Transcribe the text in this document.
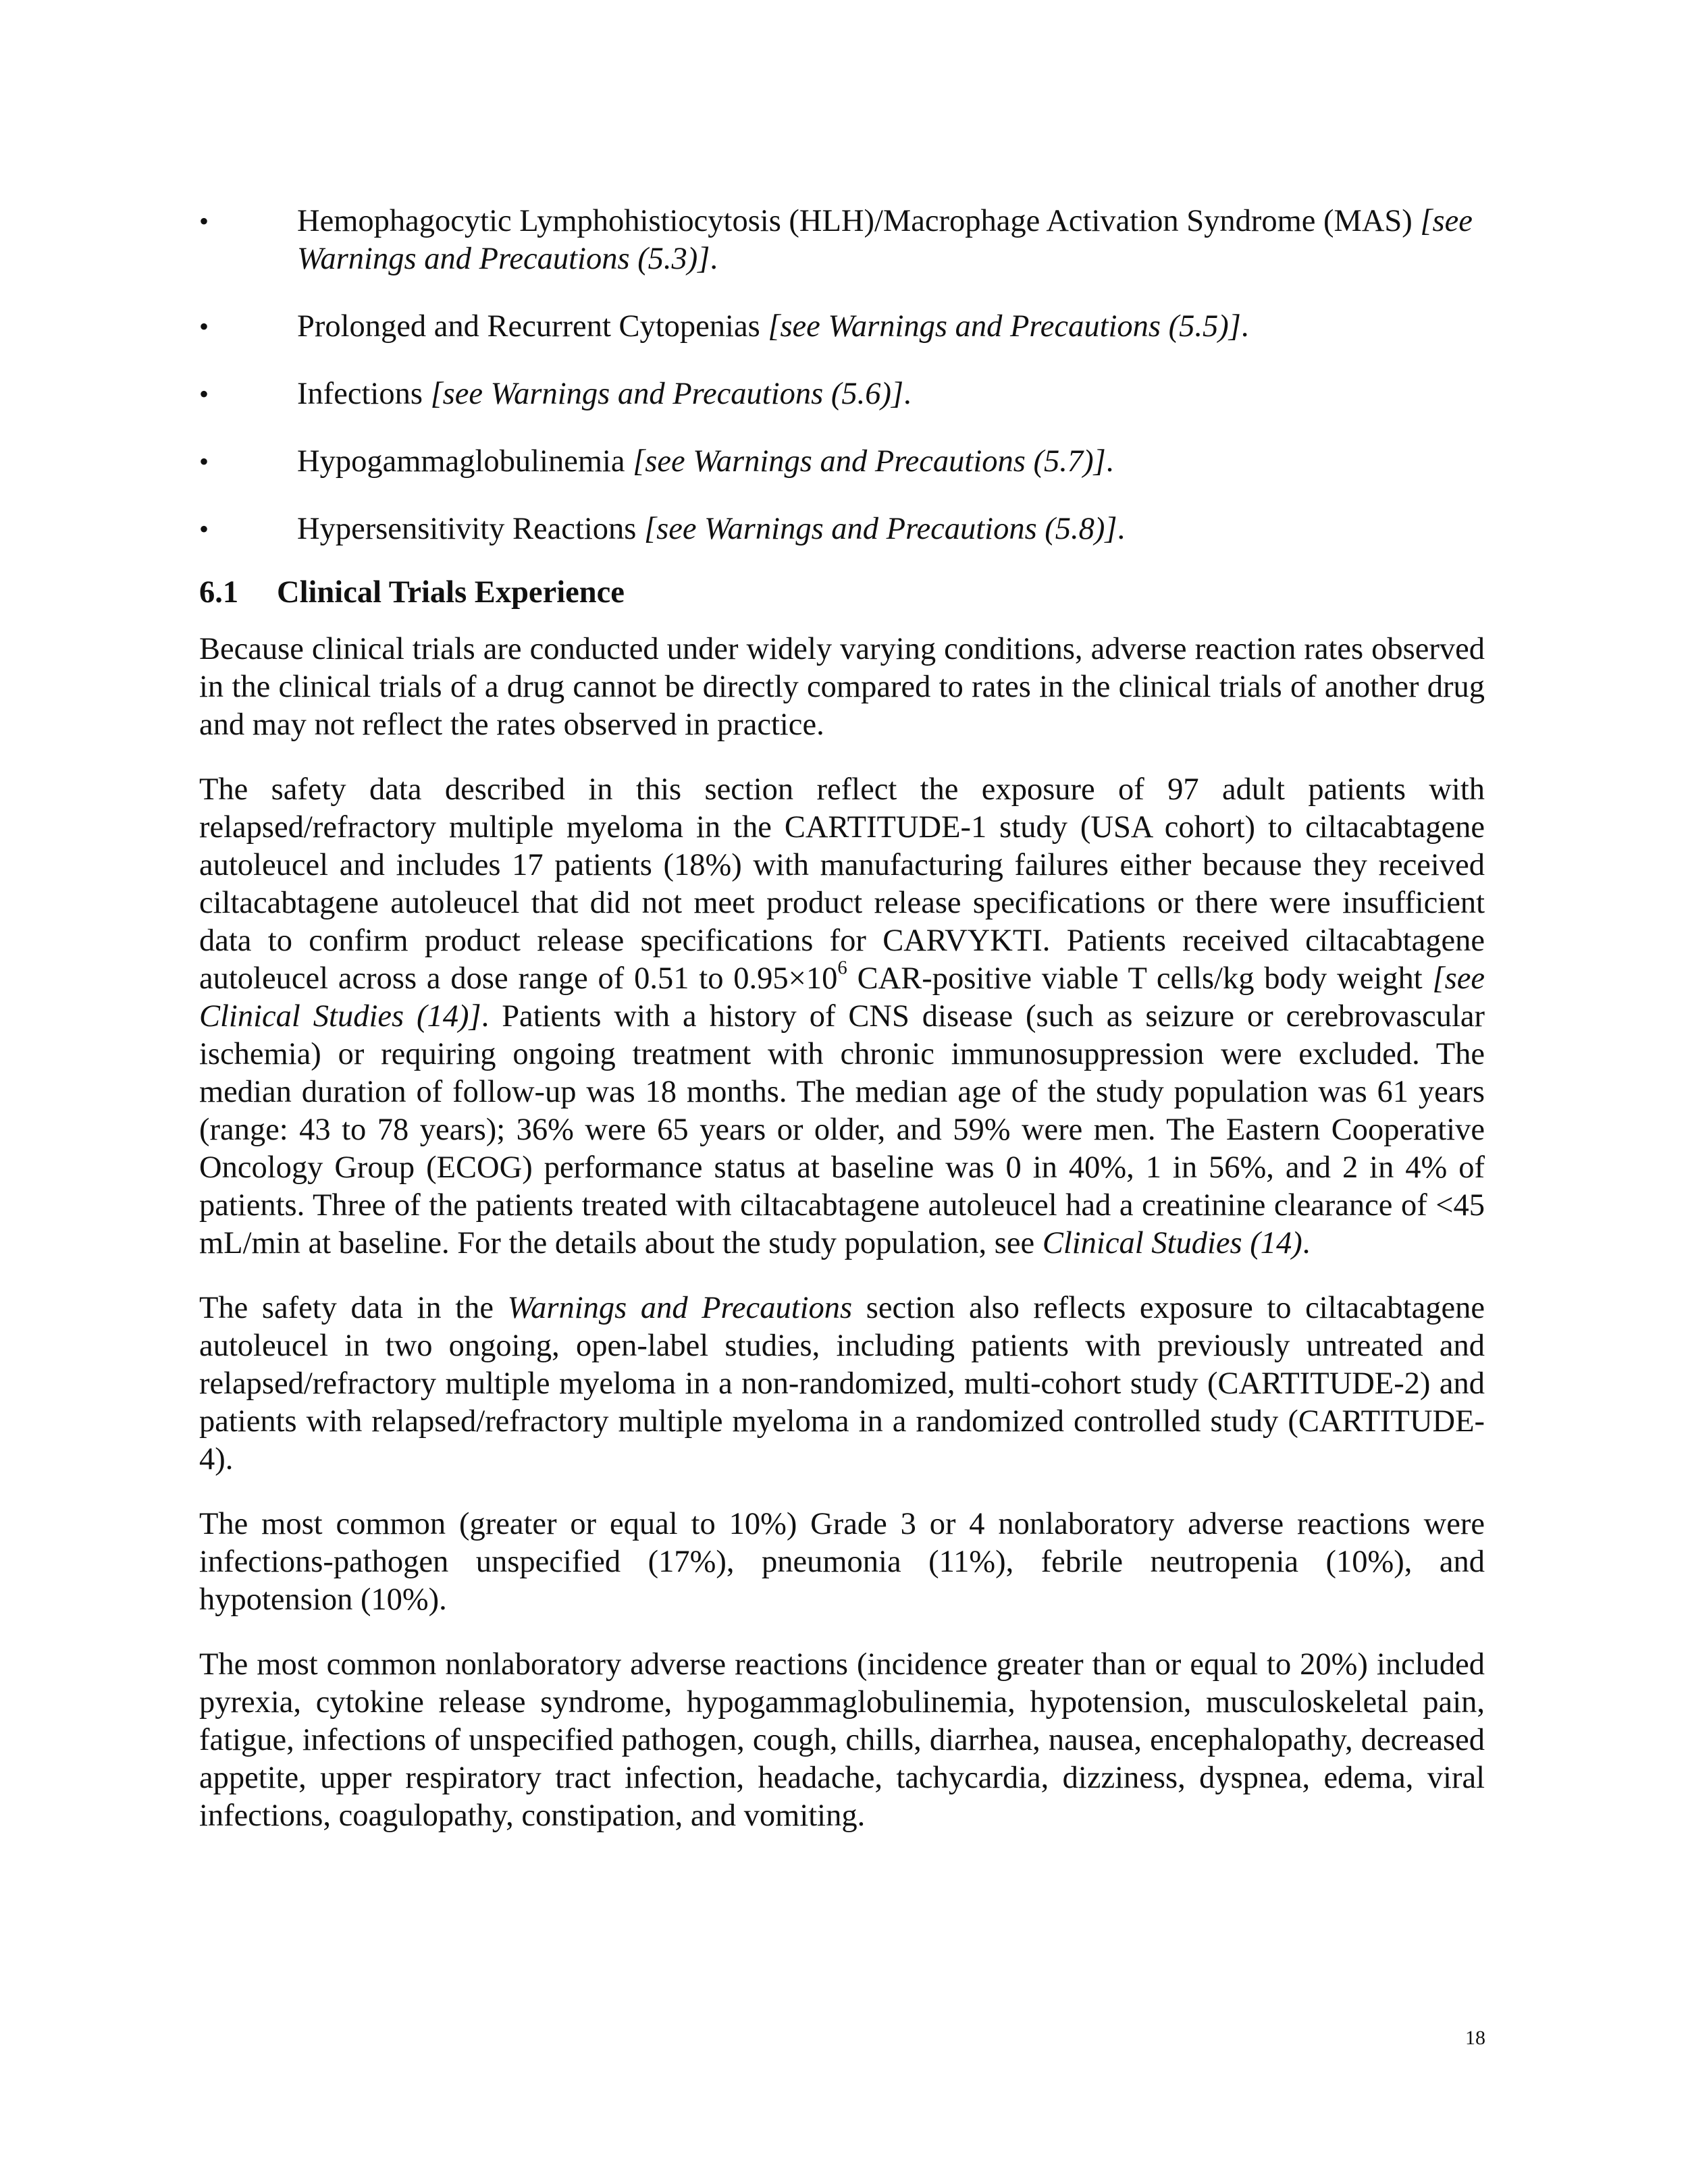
•	Hemophagocytic Lymphohistiocytosis (HLH)/Macrophage Activation Syndrome (MAS) [see Warnings and Precautions (5.3)].
•	Prolonged and Recurrent Cytopenias [see Warnings and Precautions (5.5)].
•	Infections [see Warnings and Precautions (5.6)].
•	Hypogammaglobulinemia [see Warnings and Precautions (5.7)].
•	Hypersensitivity Reactions [see Warnings and Precautions (5.8)].
6.1 Clinical Trials Experience

Because clinical trials are conducted under widely varying conditions, adverse reaction rates observed in the clinical trials of a drug cannot be directly compared to rates in the clinical trials of another drug and may not reflect the rates observed in practice.

The safety data described in this section reflect the exposure of 97 adult patients with relapsed/refractory multiple myeloma in the CARTITUDE-1 study (USA cohort) to ciltacabtagene autoleucel and includes 17 patients (18%) with manufacturing failures either because they received ciltacabtagene autoleucel that did not meet product release specifications or there were insufficient data to confirm product release specifications for CARVYKTI. Patients received ciltacabtagene autoleucel across a dose range of 0.51 to $0.95\times 10^6$ CAR-positive viable T cells/kg body weight [see Clinical Studies (14)]. Patients with a history of CNS disease (such as seizure or cerebrovascular ischemia) or requiring ongoing treatment with chronic immunosuppression were excluded. The median duration of follow-up was 18 months. The median age of the study population was 61 years (range: 43 to 78 years); 36% were 65 years or older, and 59% were men. The Eastern Cooperative Oncology Group (ECOG) performance status at baseline was 0 in 40%, 1 in 56%, and 2 in 4% of patients. Three of the patients treated with ciltacabtagene autoleucel had a creatinine clearance of <45 mL/min at baseline. For the details about the study population, see Clinical Studies (14).

The safety data in the Warnings and Precautions section also reflects exposure to ciltacabtagene autoleucel in two ongoing, open-label studies, including patients with previously untreated and relapsed/refractory multiple myeloma in a non-randomized, multi-cohort study (CARTITUDE-2) and patients with relapsed/refractory multiple myeloma in a randomized controlled study (CARTITUDE-4).

The most common (greater or equal to 10%) Grade 3 or 4 nonlaboratory adverse reactions were infections-pathogen unspecified (17%), pneumonia (11%), febrile neutropenia (10%), and hypotension (10%).

The most common nonlaboratory adverse reactions (incidence greater than or equal to 20%) included pyrexia, cytokine release syndrome, hypogammaglobulinemia, hypotension, musculoskeletal pain, fatigue, infections of unspecified pathogen, cough, chills, diarrhea, nausea, encephalopathy, decreased appetite, upper respiratory tract infection, headache, tachycardia, dizziness, dyspnea, edema, viral infections, coagulopathy, constipation, and vomiting.

18
